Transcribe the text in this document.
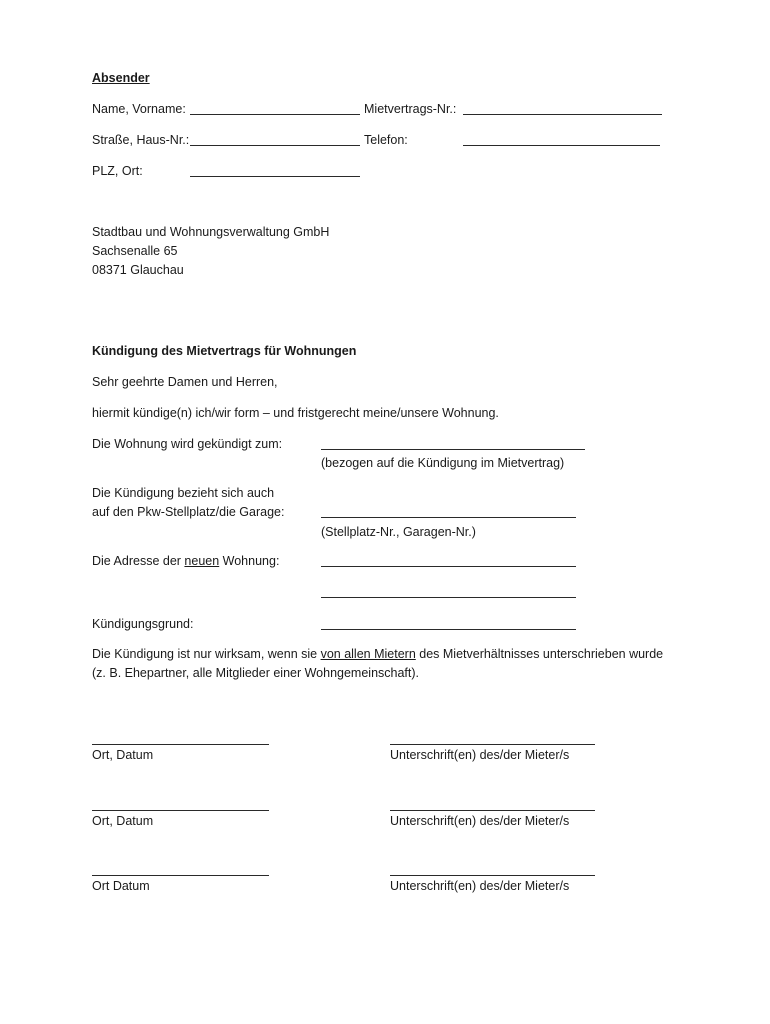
Absender
Name, Vorname:	Mietvertrags-Nr.:
Straße, Haus-Nr.:	Telefon:
PLZ, Ort:
Stadtbau und Wohnungsverwaltung GmbH
Sachsenalle 65
08371 Glauchau
Kündigung des Mietvertrags für Wohnungen
Sehr geehrte Damen und Herren,
hiermit kündige(n) ich/wir form – und fristgerecht meine/unsere Wohnung.
Die Wohnung wird gekündigt zum:
(bezogen auf die Kündigung im Mietvertrag)
Die Kündigung bezieht sich auch
auf den Pkw-Stellplatz/die Garage:
(Stellplatz-Nr., Garagen-Nr.)
Die Adresse der neuen Wohnung:
Kündigungsgrund:
Die Kündigung ist nur wirksam, wenn sie von allen Mietern des Mietverhältnisses unterschrieben wurde (z. B. Ehepartner, alle Mitglieder einer Wohngemeinschaft).
Ort, Datum	Unterschrift(en) des/der Mieter/s
Ort, Datum	Unterschrift(en) des/der Mieter/s
Ort Datum	Unterschrift(en) des/der Mieter/s
